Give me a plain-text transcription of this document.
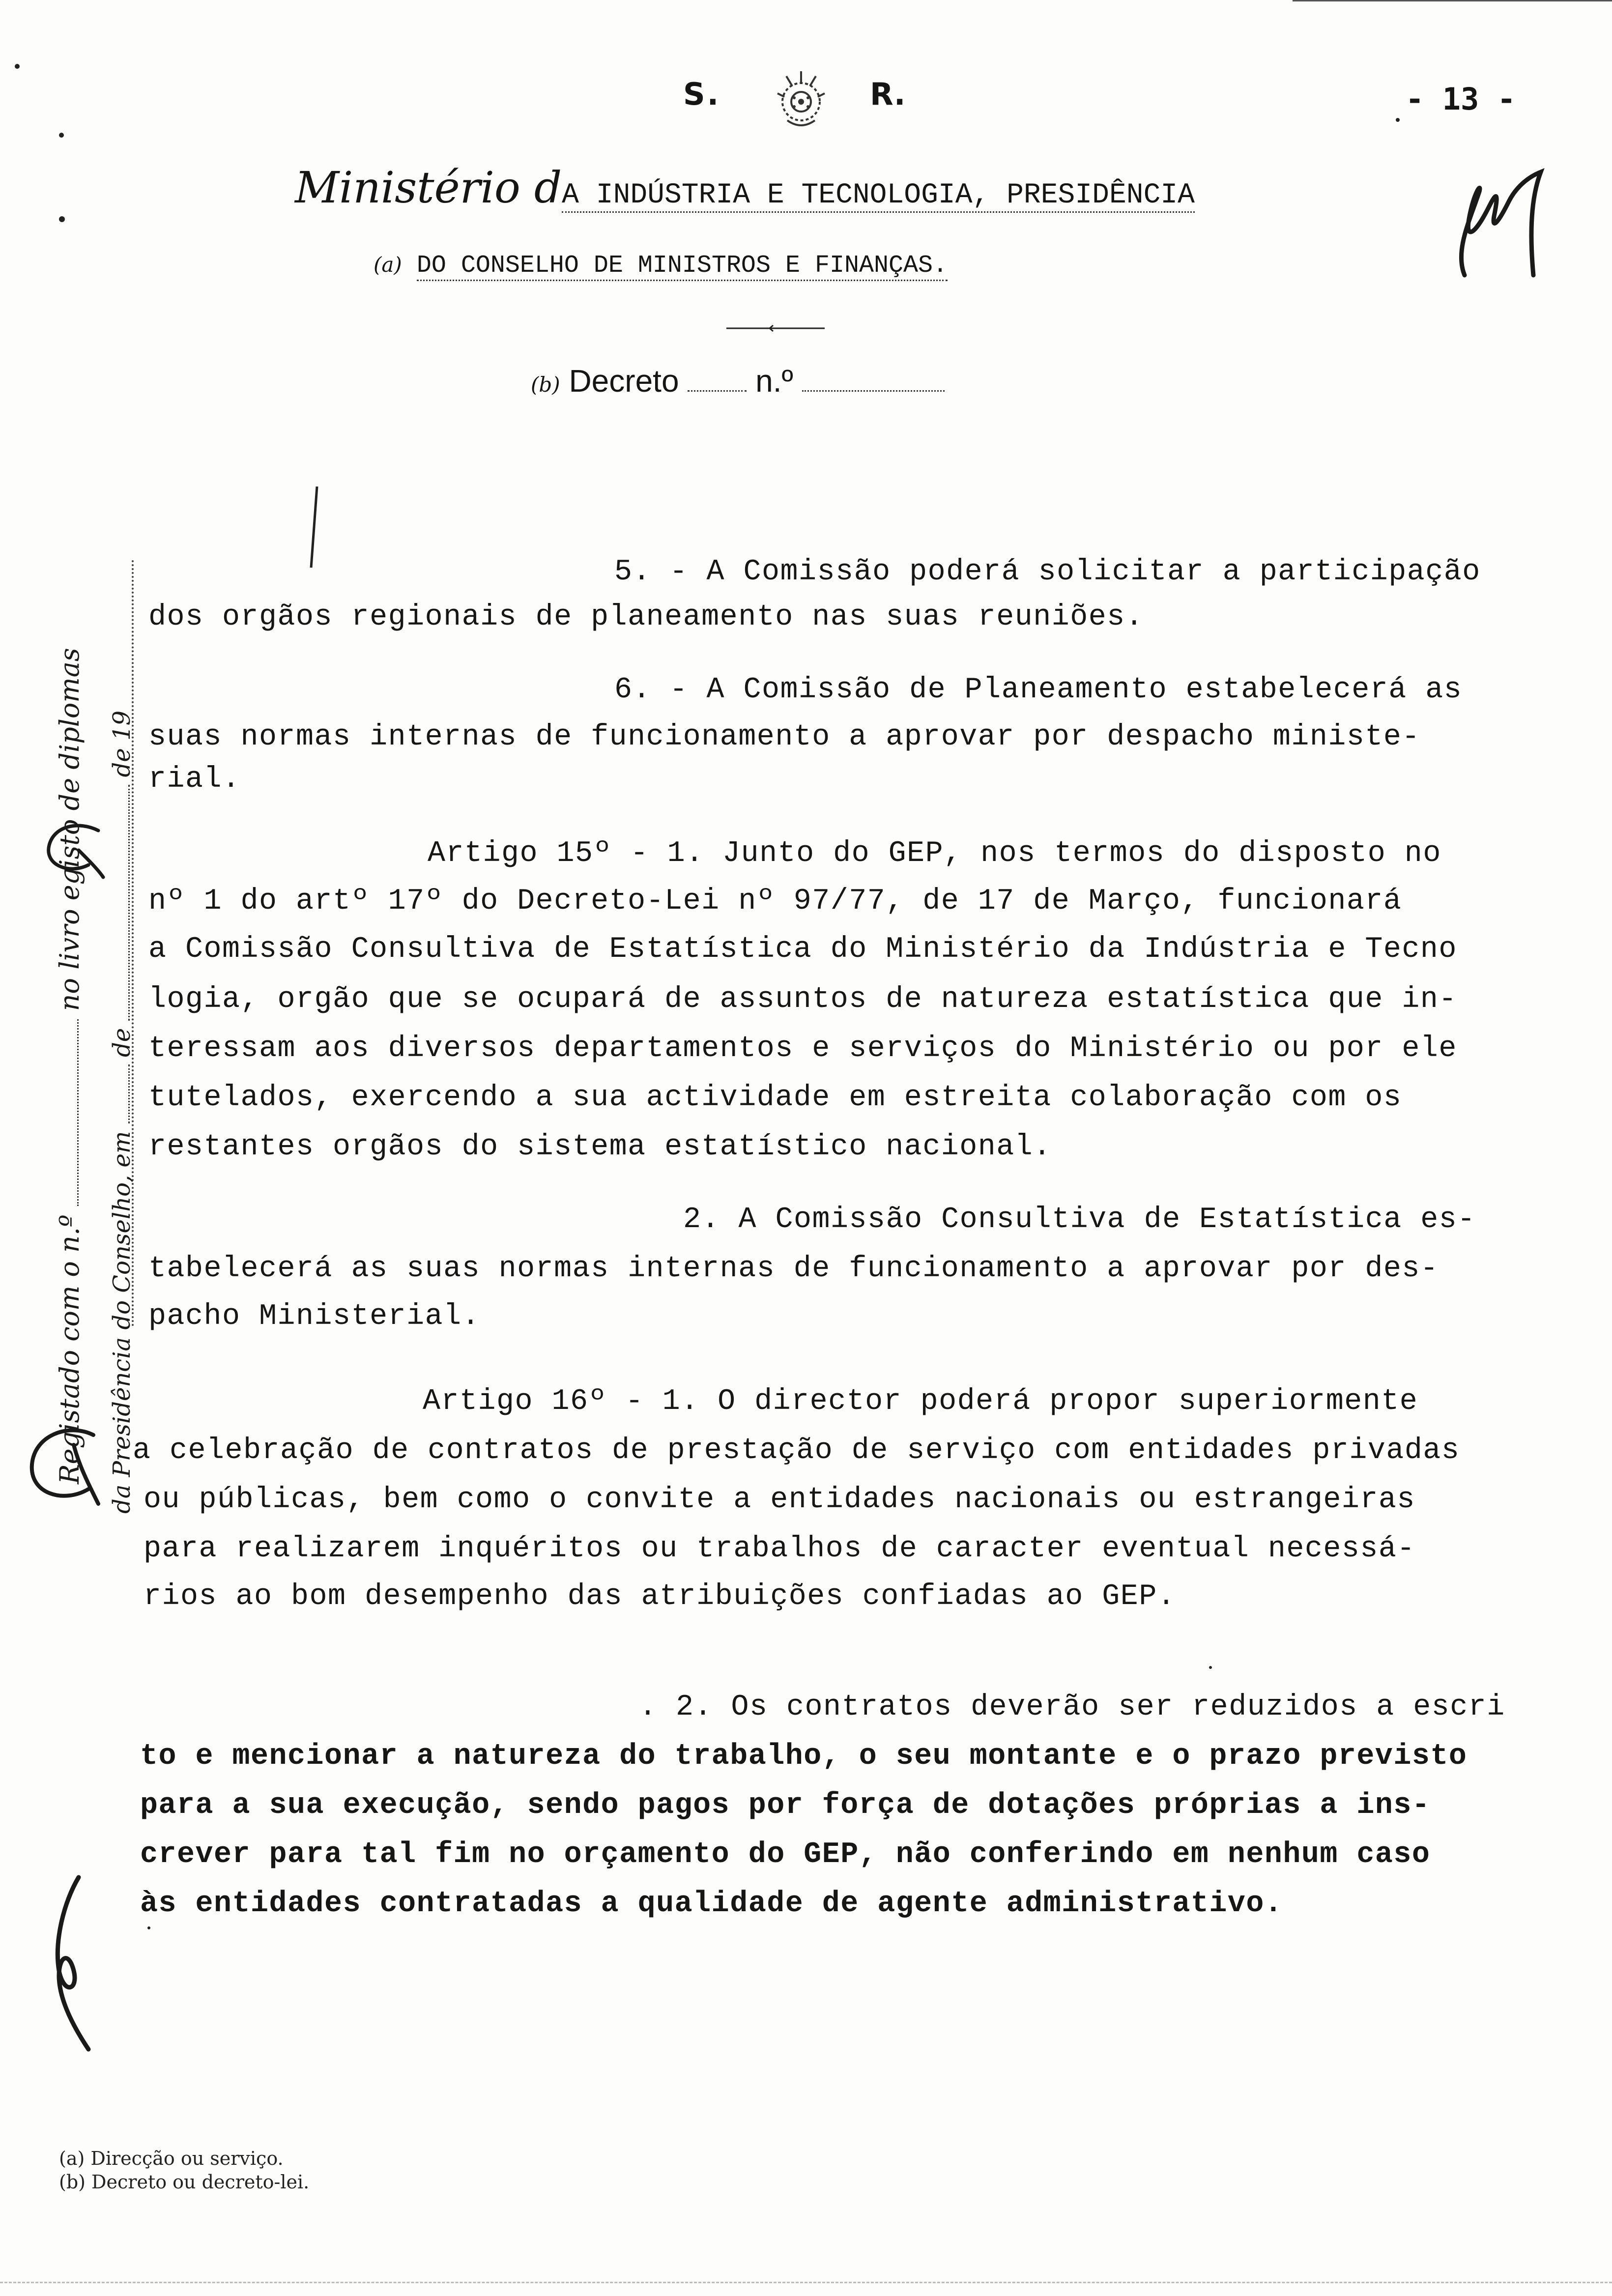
S.	R.	- 13 -
Ministério dA INDÚSTRIA E TECNOLOGIA, PRESIDÊNCIA
(a) DO CONSELHO DE MINISTROS E FINANÇAS.
(b) Decreto n.º
Registado com o n.º  no livro egisto de diplomas
da Presidência do Conselho, em  de  de 19
5. - A Comissão poderá solicitar a participação
dos orgãos regionais de planeamento nas suas reuniões.
6. - A Comissão de Planeamento estabelecerá as
suas normas internas de funcionamento a aprovar por despacho ministe-
rial.
Artigo 15º - 1. Junto do GEP, nos termos do disposto no
nº 1 do artº 17º do Decreto-Lei nº 97/77, de 17 de Março, funcionará
a Comissão Consultiva de Estatística do Ministério da Indústria e Tecno
logia, orgão que se ocupará de assuntos de natureza estatística que in-
teressam aos diversos departamentos e serviços do Ministério ou por ele
tutelados, exercendo a sua actividade em estreita colaboração com os
restantes orgãos do sistema estatístico nacional.
2. A Comissão Consultiva de Estatística es-
tabelecerá as suas normas internas de funcionamento a aprovar por des-
pacho Ministerial.
Artigo 16º - 1. O director poderá propor superiormente
a celebração de contratos de prestação de serviço com entidades privadas
ou públicas, bem como o convite a entidades nacionais ou estrangeiras
para realizarem inquéritos ou trabalhos de caracter eventual necessá-
rios ao bom desempenho das atribuições confiadas ao GEP.
. 2. Os contratos deverão ser reduzidos a escri
to e mencionar a natureza do trabalho, o seu montante e o prazo previsto
para a sua execução, sendo pagos por força de dotações próprias a ins-
crever para tal fim no orçamento do GEP, não conferindo em nenhum caso
às entidades contratadas a qualidade de agente administrativo.
(a) Direcção ou serviço.
(b) Decreto ou decreto-lei.
